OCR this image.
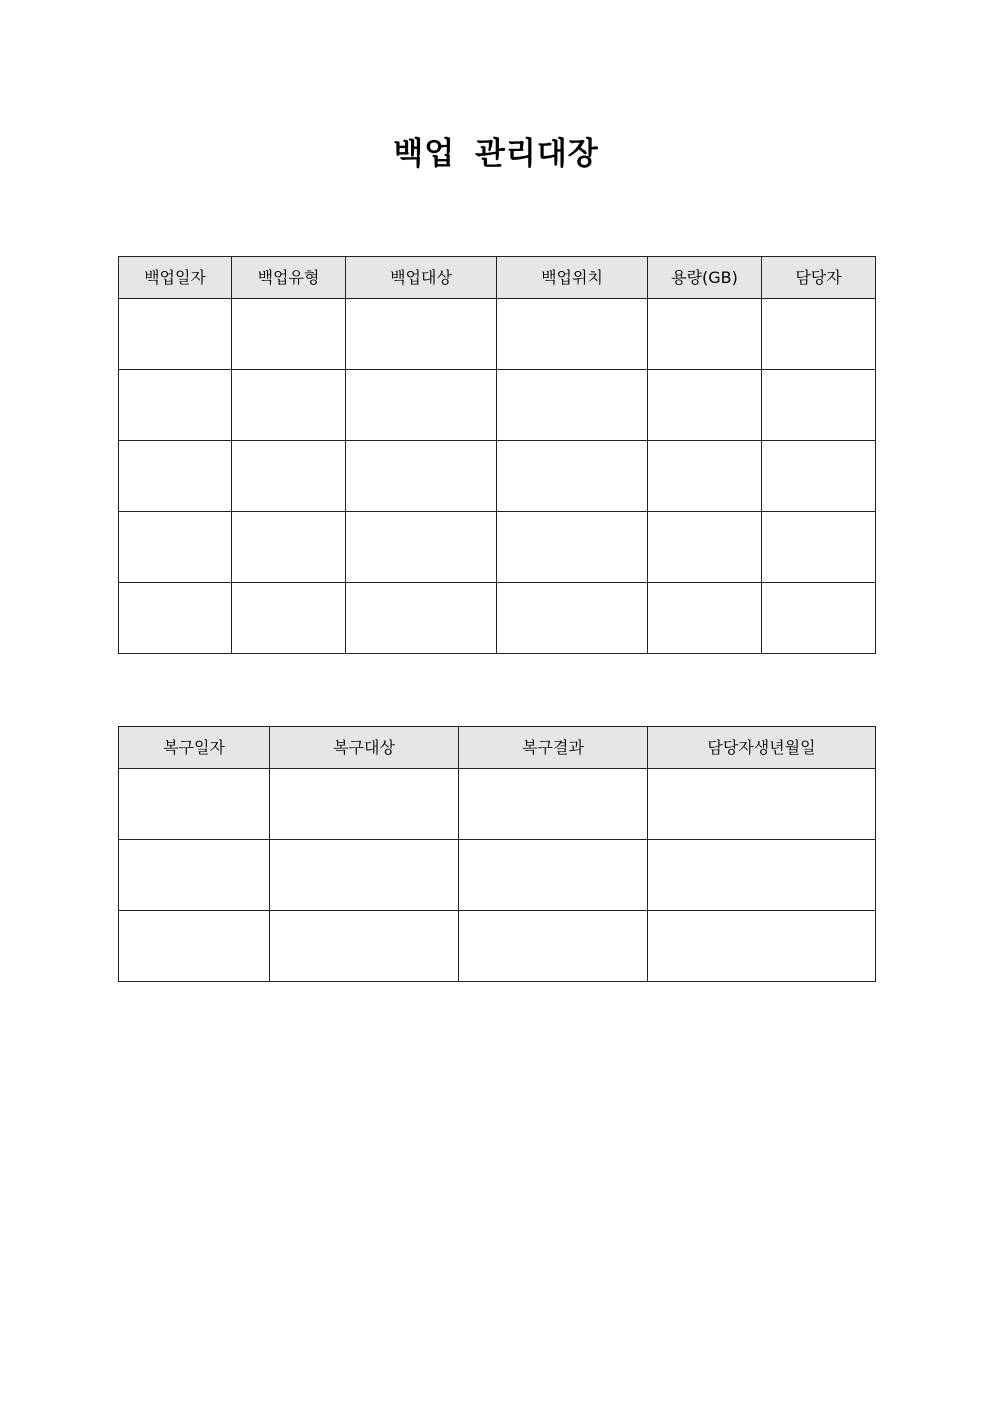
백업 관리대장
백업일자	백업유형	백업대상	백업위치	용량(GB)	담당자

복구일자	복구대상	복구결과	담당자생년월일
